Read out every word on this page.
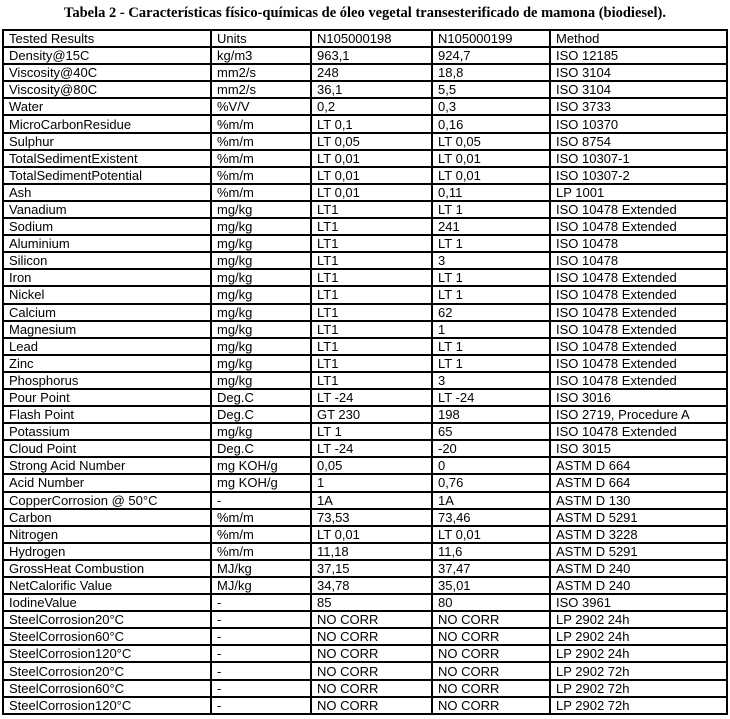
Tabela 2 - Características físico-químicas de óleo vegetal transesterificado de mamona (biodiesel).
Tested Results	Units	N105000198	N105000199	Method
Density@15C	kg/m3	963,1	924,7	ISO 12185
Viscosity@40C	mm2/s	248	18,8	ISO 3104
Viscosity@80C	mm2/s	36,1	5,5	ISO 3104
Water	%V/V	0,2	0,3	ISO 3733
MicroCarbonResidue	%m/m	LT 0,1	0,16	ISO 10370
Sulphur	%m/m	LT 0,05	LT 0,05	ISO 8754
TotalSedimentExistent	%m/m	LT 0,01	LT 0,01	ISO 10307-1
TotalSedimentPotential	%m/m	LT 0,01	LT 0,01	ISO 10307-2
Ash	%m/m	LT 0,01	0,11	LP 1001
Vanadium	mg/kg	LT1	LT 1	ISO 10478 Extended
Sodium	mg/kg	LT1	241	ISO 10478 Extended
Aluminium	mg/kg	LT1	LT 1	ISO 10478
Silicon	mg/kg	LT1	3	ISO 10478
Iron	mg/kg	LT1	LT 1	ISO 10478 Extended
Nickel	mg/kg	LT1	LT 1	ISO 10478 Extended
Calcium	mg/kg	LT1	62	ISO 10478 Extended
Magnesium	mg/kg	LT1	1	ISO 10478 Extended
Lead	mg/kg	LT1	LT 1	ISO 10478 Extended
Zinc	mg/kg	LT1	LT 1	ISO 10478 Extended
Phosphorus	mg/kg	LT1	3	ISO 10478 Extended
Pour Point	Deg.C	LT -24	LT -24	ISO 3016
Flash Point	Deg.C	GT 230	198	ISO 2719, Procedure A
Potassium	mg/kg	LT 1	65	ISO 10478 Extended
Cloud Point	Deg.C	LT -24	-20	ISO 3015
Strong Acid Number	mg KOH/g	0,05	0	ASTM D 664
Acid Number	mg KOH/g	1	0,76	ASTM D 664
CopperCorrosion @ 50°C	-	1A	1A	ASTM D 130
Carbon	%m/m	73,53	73,46	ASTM D 5291
Nitrogen	%m/m	LT 0,01	LT 0,01	ASTM D 3228
Hydrogen	%m/m	11,18	11,6	ASTM D 5291
GrossHeat Combustion	MJ/kg	37,15	37,47	ASTM D 240
NetCalorific Value	MJ/kg	34,78	35,01	ASTM D 240
IodineValue	-	85	80	ISO 3961
SteelCorrosion20°C	-	NO CORR	NO CORR	LP 2902 24h
SteelCorrosion60°C	-	NO CORR	NO CORR	LP 2902 24h
SteelCorrosion120°C	-	NO CORR	NO CORR	LP 2902 24h
SteelCorrosion20°C	-	NO CORR	NO CORR	LP 2902 72h
SteelCorrosion60°C	-	NO CORR	NO CORR	LP 2902 72h
SteelCorrosion120°C	-	NO CORR	NO CORR	LP 2902 72h
